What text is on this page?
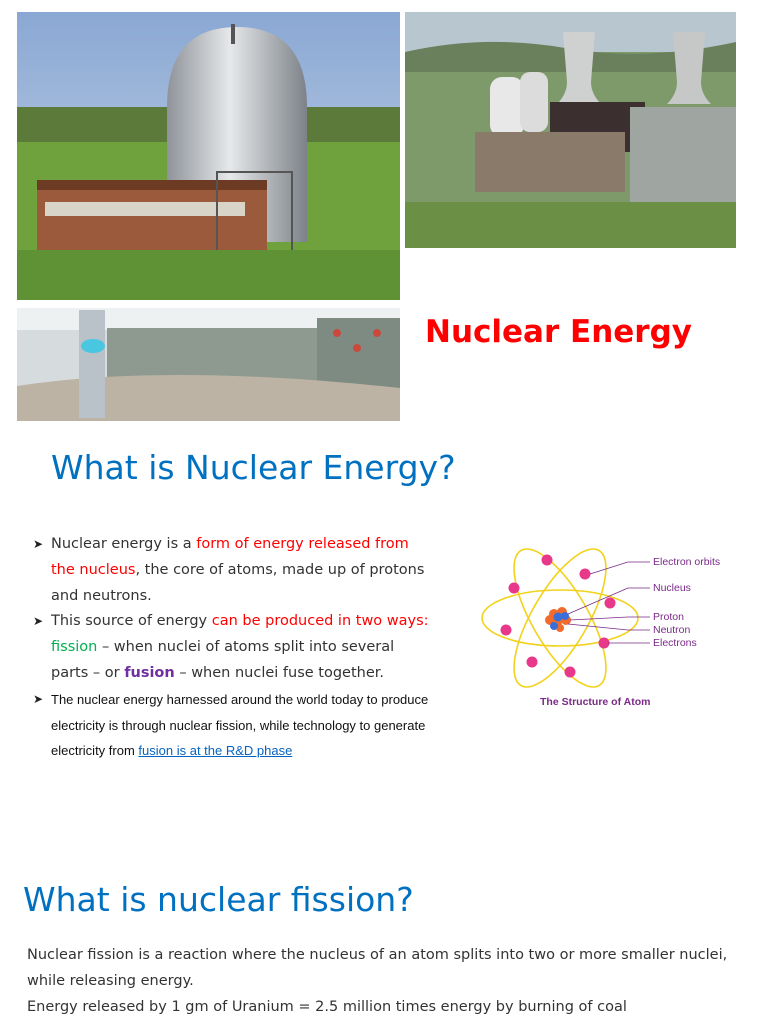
Nuclear Energy
What is Nuclear Energy?
➤ Nuclear energy is a form of energy released from the nucleus, the core of atoms, made up of protons and neutrons.
➤ This source of energy can be produced in two ways: fission – when nuclei of atoms split into several parts – or fusion – when nuclei fuse together.
➤ The nuclear energy harnessed around the world today to produce electricity is through nuclear fission, while technology to generate electricity from fusion is at the R&D phase
Electron orbits
Nucleus
Proton
Neutron
Electrons
The Structure of Atom
What is nuclear fission?

Nuclear fission is a reaction where the nucleus of an atom splits into two or more smaller nuclei, while releasing energy.
Energy released by 1 gm of Uranium = 2.5 million times energy by burning of coal
